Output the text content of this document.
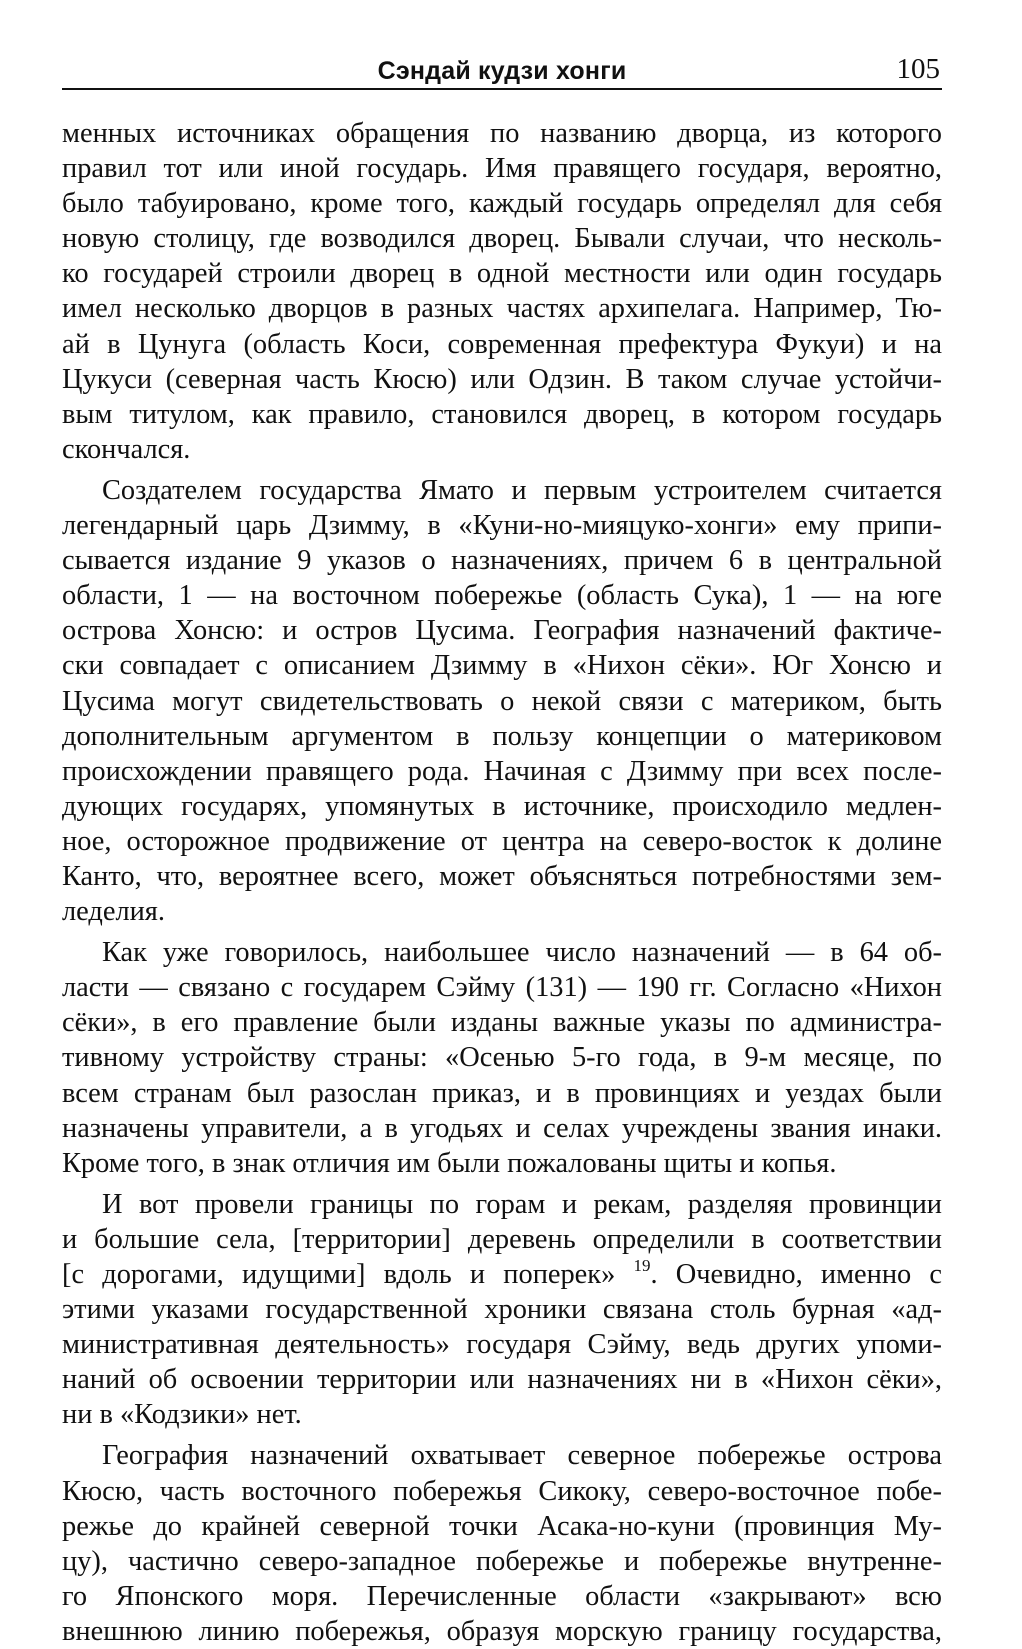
Сэндай кудзи хонги	105
менных источниках обращения по названию дворца, из которого
правил тот или иной государь. Имя правящего государя, вероятно,
было табуировано, кроме того, каждый государь определял для себя
новую столицу, где возводился дворец. Бывали случаи, что несколь-
ко государей строили дворец в одной местности или один государь
имел несколько дворцов в разных частях архипелага. Например, Тю-
ай в Цунуга (область Коси, современная префектура Фукуи) и на
Цукуси (северная часть Кюсю) или Одзин. В таком случае устойчи-
вым титулом, как правило, становился дворец, в котором государь
скончался.
Создателем государства Ямато и первым устроителем считается
легендарный царь Дзимму, в «Куни-но-мияцуко-хонги» ему припи-
сывается издание 9 указов о назначениях, причем 6 в центральной
области, 1 — на восточном побережье (область Сука), 1 — на юге
острова Хонсю: и остров Цусима. География назначений фактиче-
ски совпадает с описанием Дзимму в «Нихон сёки». Юг Хонсю и
Цусима могут свидетельствовать о некой связи с материком, быть
дополнительным аргументом в пользу концепции о материковом
происхождении правящего рода. Начиная с Дзимму при всех после-
дующих государях, упомянутых в источнике, происходило медлен-
ное, осторожное продвижение от центра на северо-восток к долине
Канто, что, вероятнее всего, может объясняться потребностями зем-
леделия.
Как уже говорилось, наибольшее число назначений — в 64 об-
ласти — связано с государем Сэйму (131) — 190 гг. Согласно «Нихон
сёки», в его правление были изданы важные указы по администра-
тивному устройству страны: «Осенью 5-го года, в 9-м месяце, по
всем странам был разослан приказ, и в провинциях и уездах были
назначены управители, а в угодьях и селах учреждены звания инаки.
Кроме того, в знак отличия им были пожалованы щиты и копья.
И вот провели границы по горам и рекам, разделяя провинции
и большие села, [территории] деревень определили в соответствии
[с дорогами, идущими] вдоль и поперек» $^{19}$. Очевидно, именно с
этими указами государственной хроники связана столь бурная «ад-
министративная деятельность» государя Сэйму, ведь других упоми-
наний об освоении территории или назначениях ни в «Нихон сёки»,
ни в «Кодзики» нет.
География назначений охватывает северное побережье острова
Кюсю, часть восточного побережья Сикоку, северо-восточное побе-
режье до крайней северной точки Асака-но-куни (провинция Му-
цу), частично северо-западное побережье и побережье внутренне-
го Японского моря. Перечисленные области «закрывают» всю
внешнюю линию побережья, образуя морскую границу государства,
